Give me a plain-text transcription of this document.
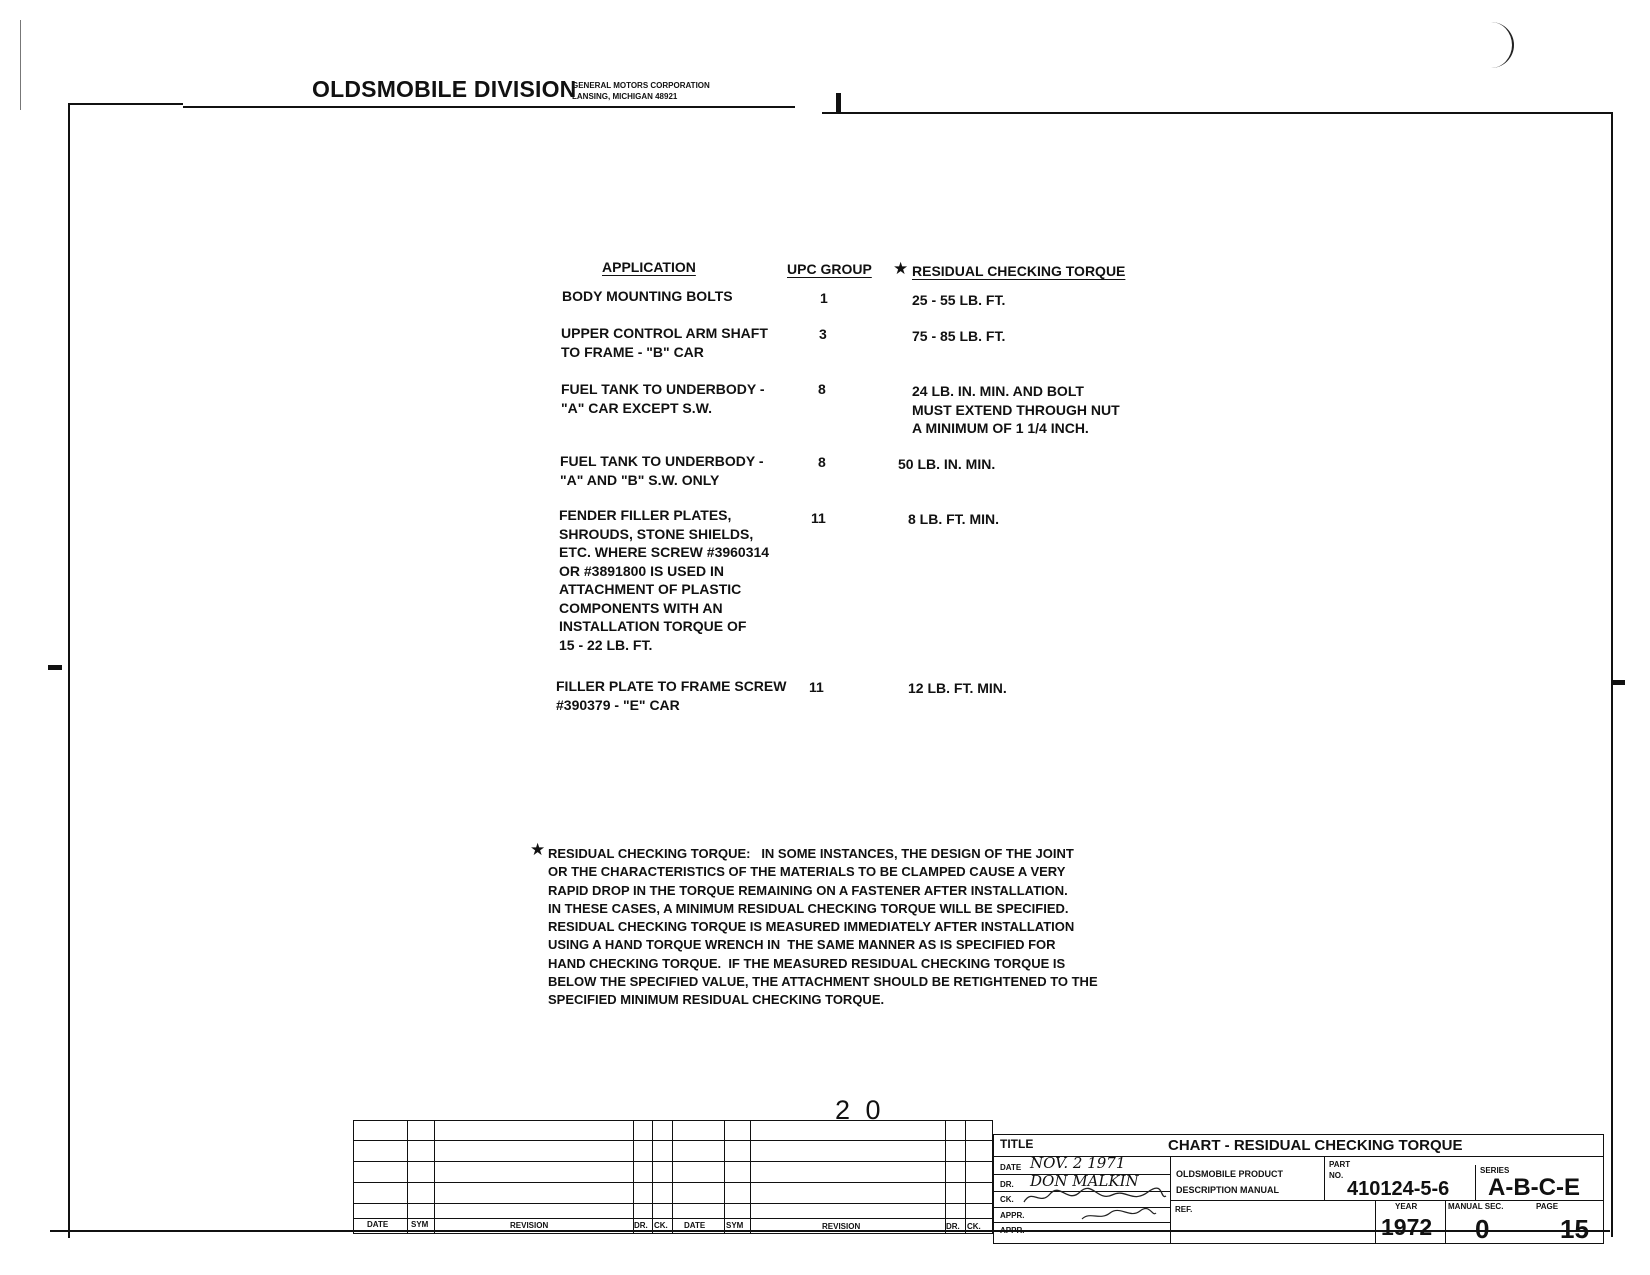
OLDSMOBILE DIVISION
GENERAL MOTORS CORPORATION
LANSING, MICHIGAN 48921
APPLICATION	UPC GROUP ★ RESIDUAL CHECKING TORQUE
BODY MOUNTING BOLTS	1	25 - 55 LB. FT.
UPPER CONTROL ARM SHAFT
TO FRAME - "B" CAR
3	75 - 85 LB. FT.
FUEL TANK TO UNDERBODY -
"A" CAR EXCEPT S.W.
8	24 LB. IN. MIN. AND BOLT
MUST EXTEND THROUGH NUT
A MINIMUM OF 1 1/4 INCH.
FUEL TANK TO UNDERBODY -
"A" AND "B" S.W. ONLY
8	50 LB. IN. MIN.
FENDER FILLER PLATES,
SHROUDS, STONE SHIELDS,
ETC. WHERE SCREW #3960314
OR #3891800 IS USED IN
ATTACHMENT OF PLASTIC
COMPONENTS WITH AN
INSTALLATION TORQUE OF
15 - 22 LB. FT.
11	8 LB. FT. MIN.
FILLER PLATE TO FRAME SCREW
#390379 - "E" CAR
11	12 LB. FT. MIN.
★ RESIDUAL CHECKING TORQUE:   IN SOME INSTANCES, THE DESIGN OF THE JOINT
OR THE CHARACTERISTICS OF THE MATERIALS TO BE CLAMPED CAUSE A VERY
RAPID DROP IN THE TORQUE REMAINING ON A FASTENER AFTER INSTALLATION.
IN THESE CASES, A MINIMUM RESIDUAL CHECKING TORQUE WILL BE SPECIFIED.
RESIDUAL CHECKING TORQUE IS MEASURED IMMEDIATELY AFTER INSTALLATION
USING A HAND TORQUE WRENCH IN  THE SAME MANNER AS IS SPECIFIED FOR
HAND CHECKING TORQUE.  IF THE MEASURED RESIDUAL CHECKING TORQUE IS
BELOW THE SPECIFIED VALUE, THE ATTACHMENT SHOULD BE RETIGHTENED TO THE
SPECIFIED MINIMUM RESIDUAL CHECKING TORQUE.
2 0
DATE	SYM	REVISION	DR. CK. DATE	SYM	REVISION	DR. CK.
TITLE	CHART - RESIDUAL CHECKING TORQUE
DATE NOV. 2 1971
DR. DON MALKIN
CK.
APPR.
APPR.
OLDSMOBILE PRODUCT
DESCRIPTION MANUAL
REF.
PART
NO.
410124-5-6
SERIES
A-B-C-E
YEAR
1972
MANUAL SEC.
0
PAGE
15
